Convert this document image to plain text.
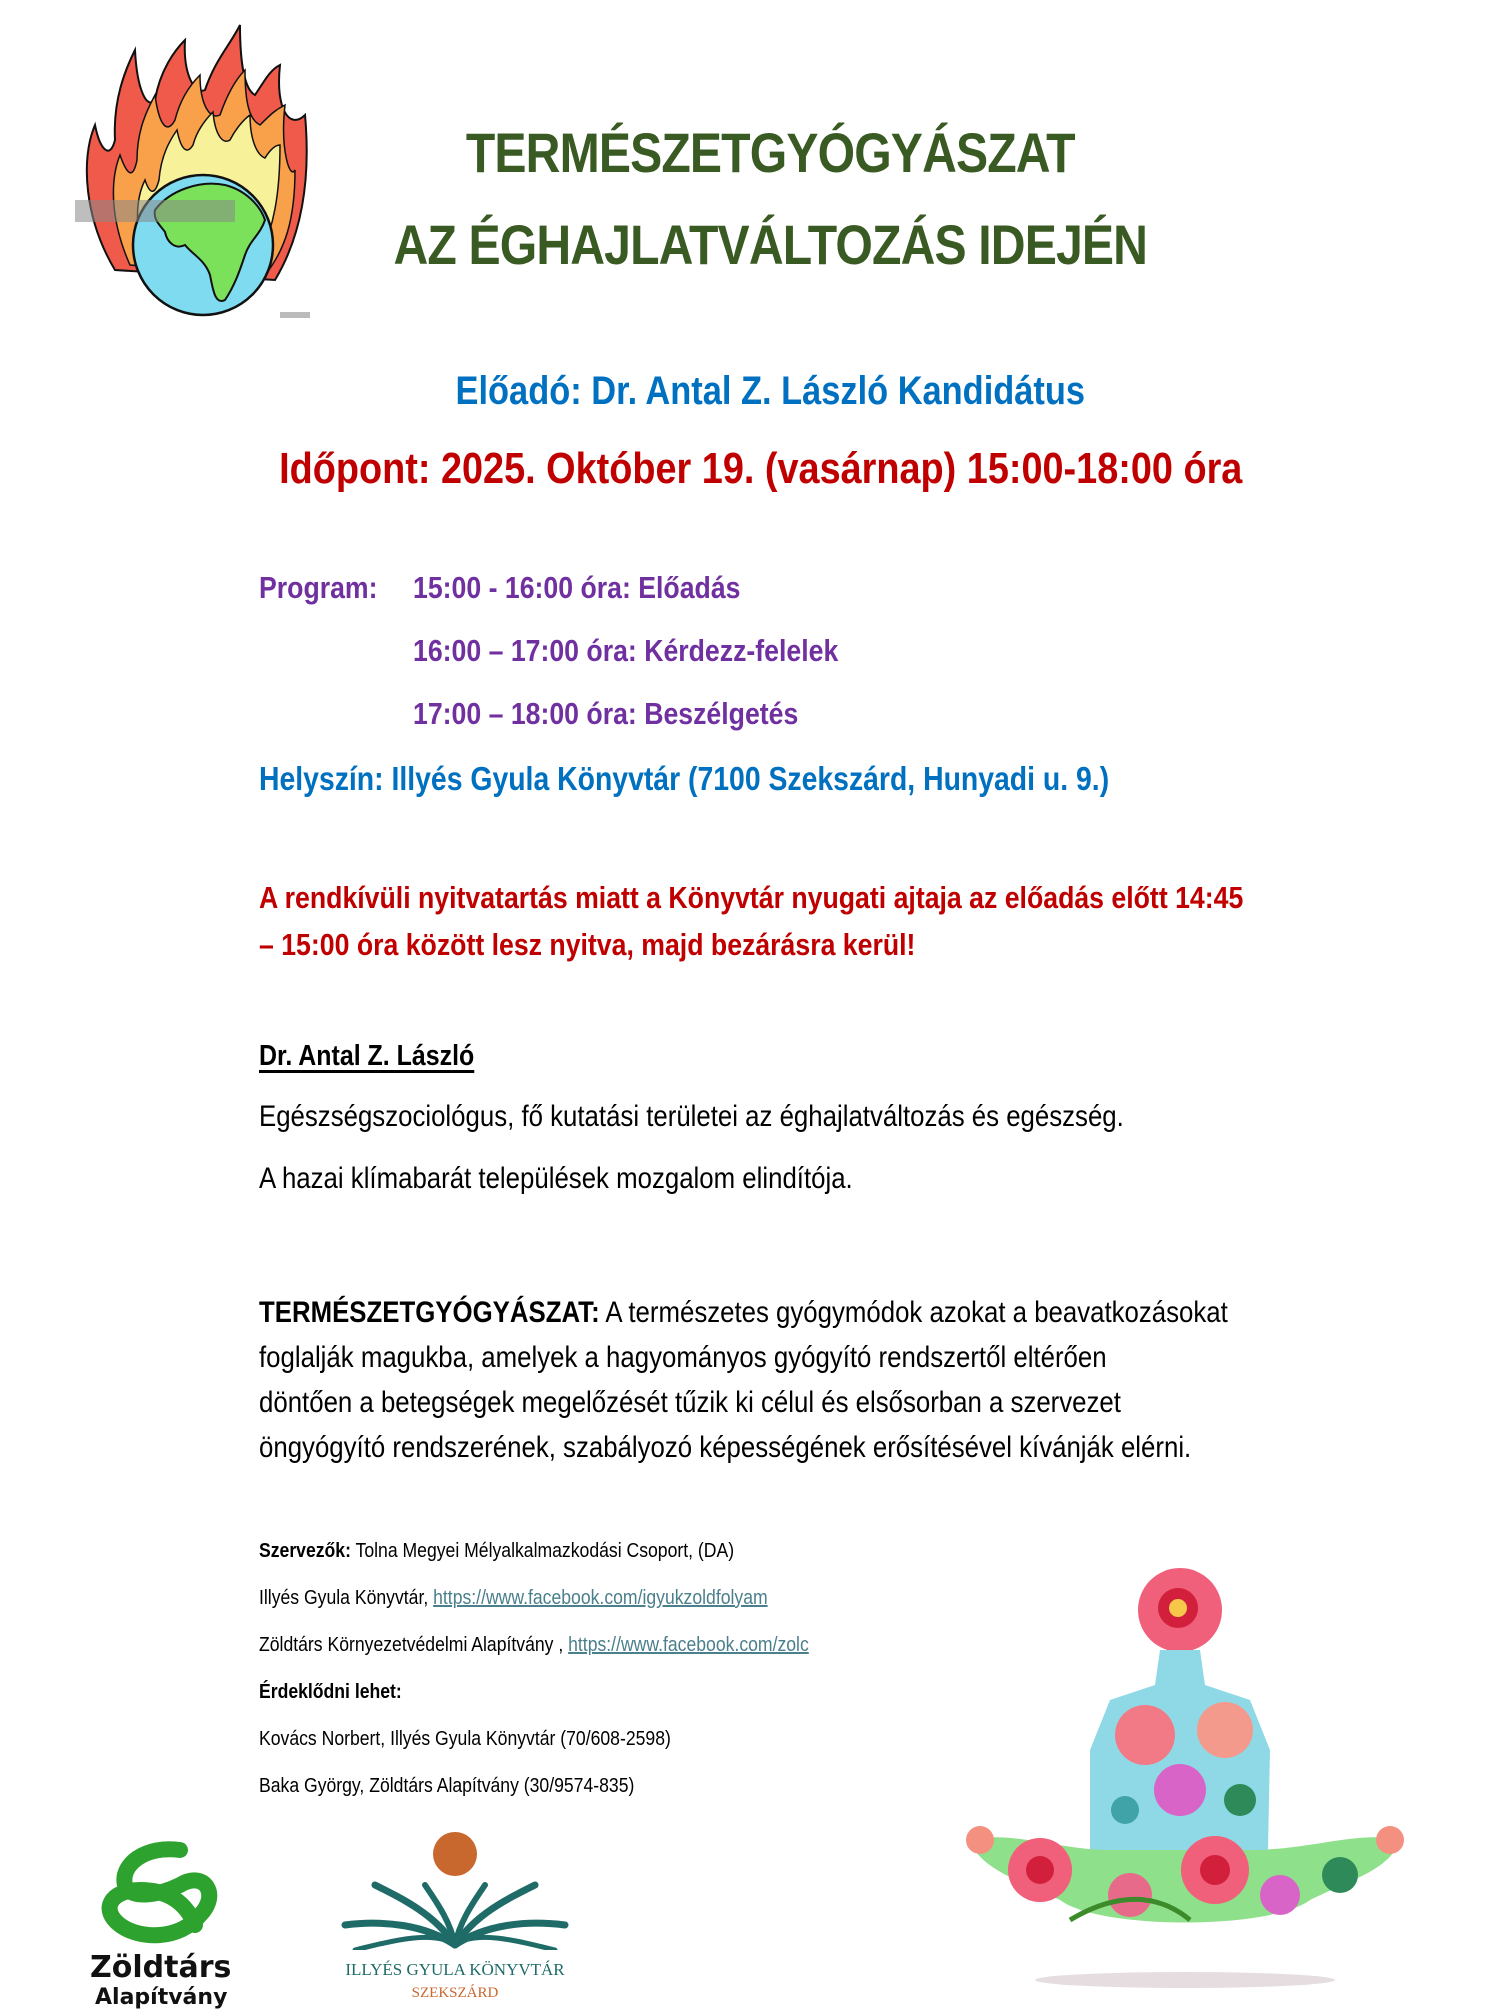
TERMÉSZETGYÓGYÁSZAT
AZ ÉGHAJLATVÁLTOZÁS IDEJÉN
Előadó: Dr. Antal Z. László Kandidátus
Időpont: 2025. Október 19. (vasárnap) 15:00-18:00 óra
Program: 15:00 - 16:00 óra: Előadás
16:00 – 17:00 óra: Kérdezz-felelek
17:00 – 18:00 óra: Beszélgetés
Helyszín: Illyés Gyula Könyvtár (7100 Szekszárd, Hunyadi u. 9.)
A rendkívüli nyitvatartás miatt a Könyvtár nyugati ajtaja az előadás előtt 14:45
– 15:00 óra között lesz nyitva, majd bezárásra kerül!
Dr. Antal Z. László
Egészségszociológus, fő kutatási területei az éghajlatváltozás és egészség.
A hazai klímabarát települések mozgalom elindítója.
TERMÉSZETGYÓGYÁSZAT: A természetes gyógymódok azokat a beavatkozásokat
foglalják magukba, amelyek a hagyományos gyógyító rendszertől eltérően
döntően a betegségek megelőzését tűzik ki célul és elsősorban a szervezet
öngyógyító rendszerének, szabályozó képességének erősítésével kívánják elérni.
Szervezők: Tolna Megyei Mélyalkalmazkodási Csoport, (DA)
Illyés Gyula Könyvtár, https://www.facebook.com/igyukzoldfolyam
Zöldtárs Környezetvédelmi Alapítvány , https://www.facebook.com/zolc
Érdeklődni lehet:
Kovács Norbert, Illyés Gyula Könyvtár (70/608-2598)
Baka György, Zöldtárs Alapítvány (30/9574-835)
Zöldtárs
Alapítvány
ILLYÉS GYULA KÖNYVTÁR
SZEKSZÁRD
